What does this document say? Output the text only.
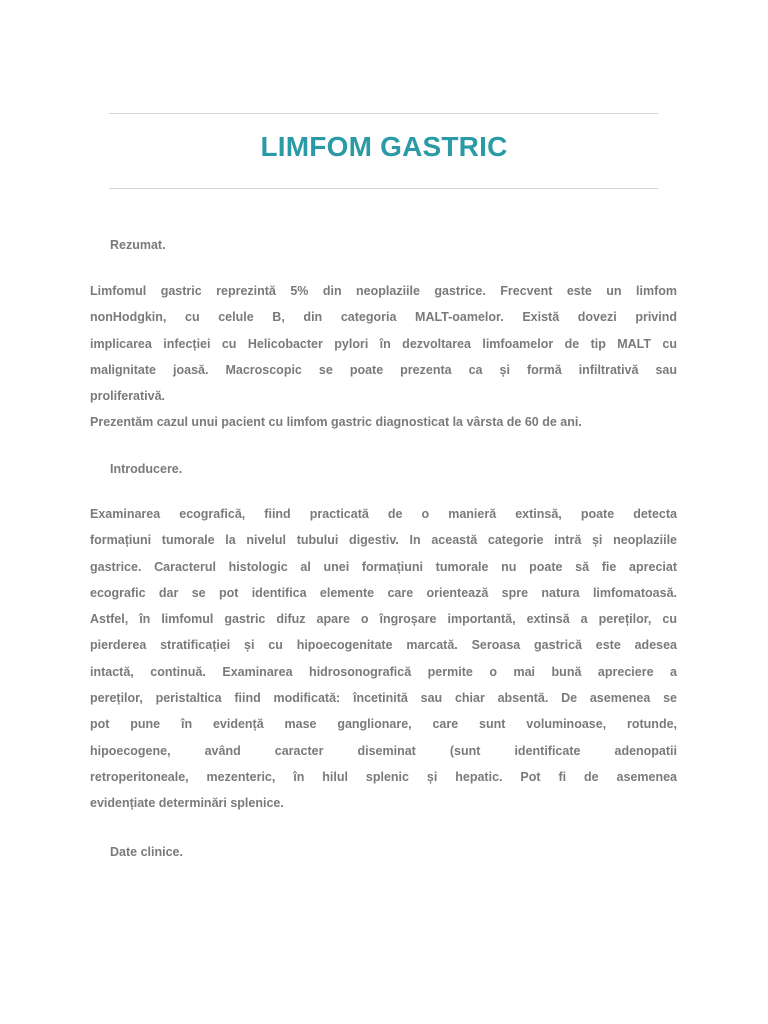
LIMFOM GASTRIC
Rezumat.
Limfomul gastric reprezintă 5% din neoplaziile gastrice. Frecvent este un limfom
nonHodgkin, cu celule B, din categoria MALT-oamelor. Există dovezi privind
implicarea infecției cu Helicobacter pylori în dezvoltarea limfoamelor de tip MALT cu
malignitate joasă. Macroscopic se poate prezenta ca și formă infiltrativă sau
proliferativă.
Prezentăm cazul unui pacient cu limfom gastric diagnosticat la vârsta de 60 de ani.
Introducere.
Examinarea ecografică, fiind practicată de o manieră extinsă, poate detecta
formațiuni tumorale la nivelul tubului digestiv. In această categorie intră și neoplaziile
gastrice. Caracterul histologic al unei formațiuni tumorale nu poate să fie apreciat
ecografic dar se pot identifica elemente care orientează spre natura limfomatoasă.
Astfel, în limfomul gastric difuz apare o îngroșare importantă, extinsă a pereților, cu
pierderea stratificației și cu hipoecogenitate marcată. Seroasa gastrică este adesea
intactă, continuă. Examinarea hidrosonografică permite o mai bună apreciere a
pereților, peristaltica fiind modificată: încetinită sau chiar absentă. De asemenea se
pot pune în evidență mase ganglionare, care sunt voluminoase, rotunde,
hipoecogene, având caracter diseminat (sunt identificate adenopatii
retroperitoneale, mezenteric, în hilul splenic și hepatic. Pot fi de asemenea
evidențiate determinări splenice.
Date clinice.
